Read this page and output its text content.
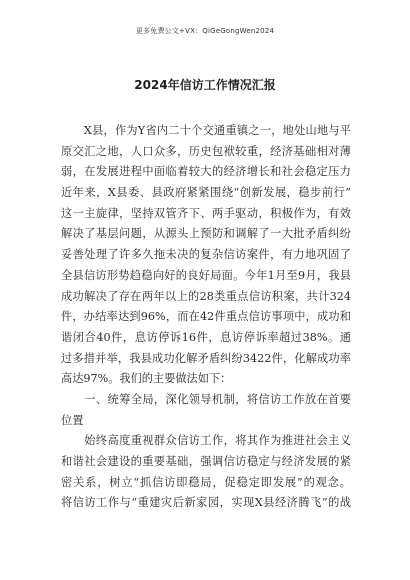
更多免费公文+VX：QiGeGongWen2024
2024年信访工作情况汇报
　　X县，作为Y省内二十个交通重镇之一，地处山地与平
原交汇之地，人口众多，历史包袱较重，经济基础相对薄
弱，在发展进程中面临着较大的经济增长和社会稳定压力
近年来，X县委、县政府紧紧围绕“创新发展，稳步前行”
这一主旋律，坚持双管齐下、两手驱动，积极作为，有效
解决了基层问题，从源头上预防和调解了一大批矛盾纠纷
妥善处理了许多久拖未决的复杂信访案件，有力地巩固了
全县信访形势趋稳向好的良好局面。今年1月至9月，我县
成功解决了存在两年以上的28类重点信访积案，共计324
件，办结率达到96%，而在42件重点信访事项中，成功和
谐闭合40件，息访停诉16件，息访停诉率超过38%。通
过多措并举，我县成功化解矛盾纠纷3422件，化解成功率
高达97%。我们的主要做法如下：
　　一、统筹全局，深化领导机制，将信访工作放在首要
位置
　　始终高度重视群众信访工作，将其作为推进社会主义
和谐社会建设的重要基础，强调信访稳定与经济发展的紧
密关系，树立“抓信访即稳局，促稳定即发展”的观念。
将信访工作与“重建灾后新家园，实现X县经济腾飞”的战
